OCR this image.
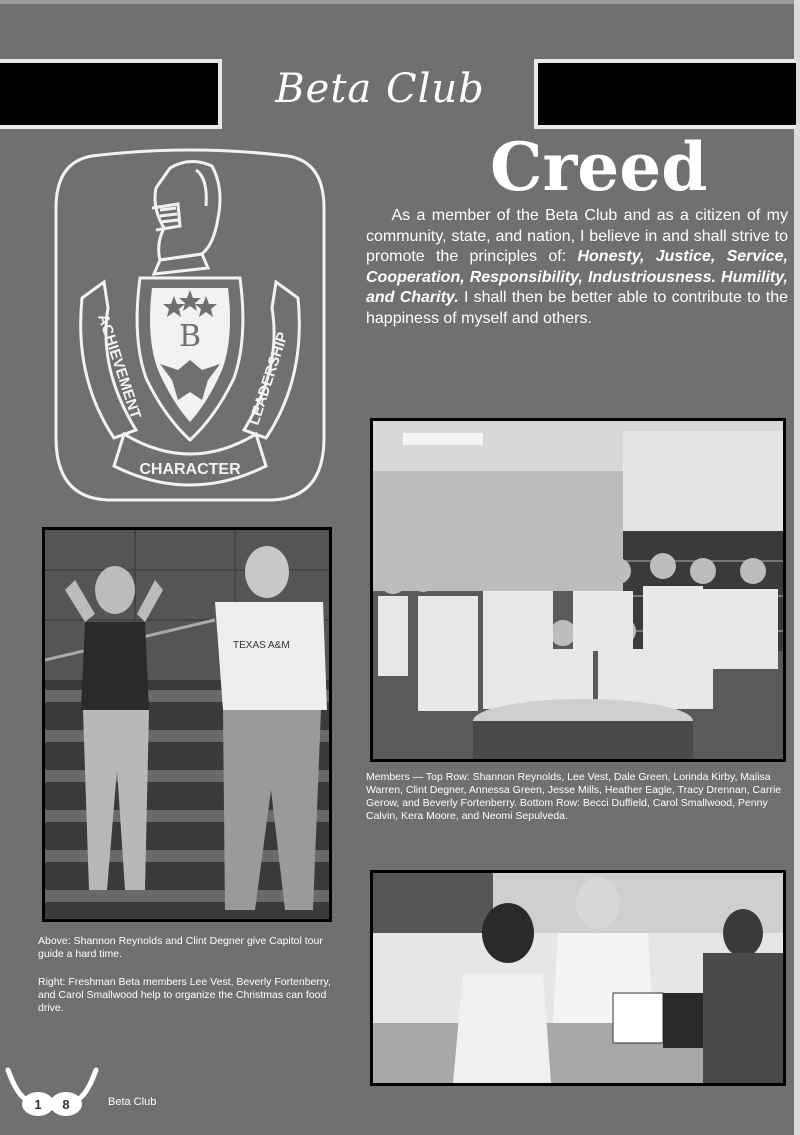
Beta Club
B
ACHIEVEMENT	LEADERSHIP
CHARACTER
Creed
As a member of the Beta Club and as a citizen of my community, state, and nation, I believe in and shall strive to promote the principles of: Honesty, Justice, Service, Cooperation, Responsibility, Industriousness. Humility, and Charity. I shall then be better able to contribute to the happiness of myself and others.
TEXAS A&M
Members — Top Row: Shannon Reynolds, Lee Vest, Dale Green, Lorinda Kirby, Malisa Warren, Clint Degner, Annessa Green, Jesse Mills, Heather Eagle, Tracy Drennan, Carrie Gerow, and Beverly Fortenberry. Bottom Row: Becci Duffield, Carol Smallwood, Penny Calvin, Kera Moore, and Neomi Sepulveda.
Above: Shannon Reynolds and Clint Degner give Capitol tour guide a hard time.
Right: Freshman Beta members Lee Vest, Beverly Fortenberry, and Carol Smallwood help to organize the Christmas can food drive.
1 8	Beta Club
